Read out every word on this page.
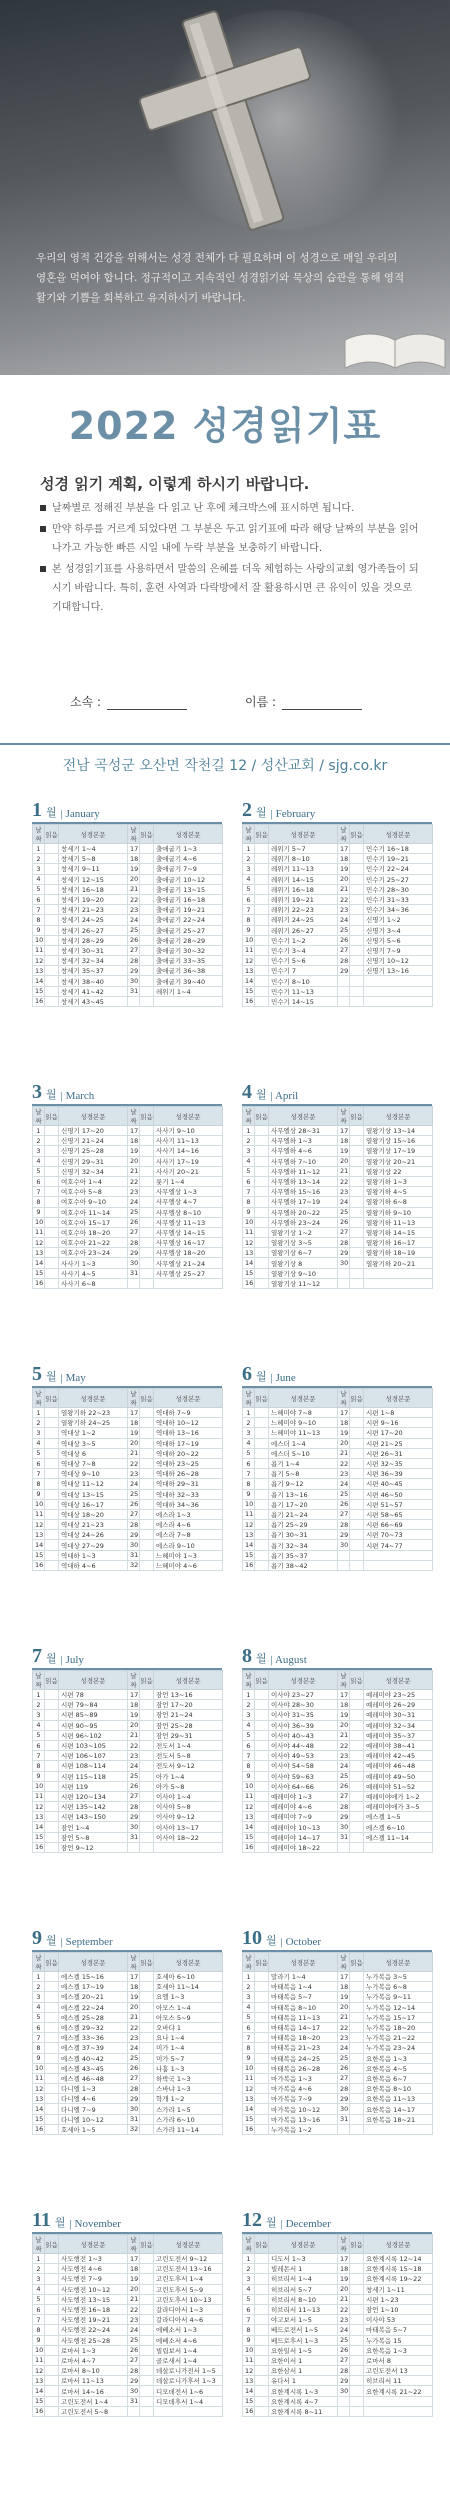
우리의 영적 건강을 위해서는 성경 전체가 다 필요하며 이 성경으로 매일 우리의 영혼을 먹여야 합니다. 정규적이고 지속적인 성경읽기와 묵상의 습관을 통해 영적 활기와 기쁨을 회복하고 유지하시기 바랍니다.

2022 성경읽기표
성경 읽기 계획, 이렇게 하시기 바랍니다.
날짜별로 정해진 부분을 다 읽고 난 후에 체크박스에 표시하면 됩니다.
만약 하루를 거르게 되었다면 그 부분은 두고 읽기표에 따라 해당 날짜의 부분을 읽어 나가고 가능한 빠른 시일 내에 누락 부분을 보충하기 바랍니다.
본 성경읽기표를 사용하면서 말씀의 은혜를 더욱 체험하는 사랑의교회 영가족들이 되시기 바랍니다. 특히, 훈련 사역과 다락방에서 잘 활용하시면 큰 유익이 있을 것으로 기대합니다.
소속 :	이름 :
전남 곡성군 오산면 작천길 12 / 성산교회 / sjg.co.kr
1 월 | January
날짜	읽음	성경본문	날짜	읽음	성경본문
1		창세기 1~4	17		출애굽기 1~3
2		창세기 5~8	18		출애굽기 4~6
3		창세기 9~11	19		출애굽기 7~9
4		창세기 12~15	20		출애굽기 10~12
5		창세기 16~18	21		출애굽기 13~15
6		창세기 19~20	22		출애굽기 16~18
7		창세기 21~23	23		출애굽기 19~21
8		창세기 24~25	24		출애굽기 22~24
9		창세기 26~27	25		출애굽기 25~27
10		창세기 28~29	26		출애굽기 28~29
11		창세기 30~31	27		출애굽기 30~32
12		창세기 32~34	28		출애굽기 33~35
13		창세기 35~37	29		출애굽기 36~38
14		창세기 38~40	30		출애굽기 39~40
15		창세기 41~42	31		레위기 1~4
16		창세기 43~45			
2 월 | February
날짜	읽음	성경본문	날짜	읽음	성경본문
1		레위기 5~7	17		민수기 16~18
2		레위기 8~10	18		민수기 19~21
3		레위기 11~13	19		민수기 22~24
4		레위기 14~15	20		민수기 25~27
5		레위기 16~18	21		민수기 28~30
6		레위기 19~21	22		민수기 31~33
7		레위기 22~23	23		민수기 34~36
8		레위기 24~25	24		신명기 1~2
9		레위기 26~27	25		신명기 3~4
10		민수기 1~2	26		신명기 5~6
11		민수기 3~4	27		신명기 7~9
12		민수기 5~6	28		신명기 10~12
13		민수기 7	29		신명기 13~16
14		민수기 8~10			
15		민수기 11~13			
16		민수기 14~15			
3 월 | March
날짜	읽음	성경본문	날짜	읽음	성경본문
1		신명기 17~20	17		사사기 9~10
2		신명기 21~24	18		사사기 11~13
3		신명기 25~28	19		사사기 14~16
4		신명기 29~31	20		사사기 17~19
5		신명기 32~34	21		사사기 20~21
6		여호수아 1~4	22		룻기 1~4
7		여호수아 5~8	23		사무엘상 1~3
8		여호수아 9~10	24		사무엘상 4~7
9		여호수아 11~14	25		사무엘상 8~10
10		여호수아 15~17	26		사무엘상 11~13
11		여호수아 18~20	27		사무엘상 14~15
12		여호수아 21~22	28		사무엘상 16~17
13		여호수아 23~24	29		사무엘상 18~20
14		사사기 1~3	30		사무엘상 21~24
15		사사기 4~5	31		사무엘상 25~27
16		사사기 6~8			
4 월 | April
날짜	읽음	성경본문	날짜	읽음	성경본문
1		사무엘상 28~31	17		열왕기상 13~14
2		사무엘하 1~3	18		열왕기상 15~16
3		사무엘하 4~6	19		열왕기상 17~19
4		사무엘하 7~10	20		열왕기상 20~21
5		사무엘하 11~12	21		열왕기상 22
6		사무엘하 13~14	22		열왕기하 1~3
7		사무엘하 15~16	23		열왕기하 4~5
8		사무엘하 17~19	24		열왕기하 6~8
9		사무엘하 20~22	25		열왕기하 9~10
10		사무엘하 23~24	26		열왕기하 11~13
11		열왕기상 1~2	27		열왕기하 14~15
12		열왕기상 3~5	28		열왕기하 16~17
13		열왕기상 6~7	29		열왕기하 18~19
14		열왕기상 8	30		열왕기하 20~21
15		열왕기상 9~10			
16		열왕기상 11~12			
5 월 | May
날짜	읽음	성경본문	날짜	읽음	성경본문
1		열왕기하 22~23	17		역대하 7~9
2		열왕기하 24~25	18		역대하 10~12
3		역대상 1~2	19		역대하 13~16
4		역대상 3~5	20		역대하 17~19
5		역대상 6	21		역대하 20~22
6		역대상 7~8	22		역대하 23~25
7		역대상 9~10	23		역대하 26~28
8		역대상 11~12	24		역대하 29~31
9		역대상 13~15	25		역대하 32~33
10		역대상 16~17	26		역대하 34~36
11		역대상 18~20	27		에스라 1~3
12		역대상 21~23	28		에스라 4~6
13		역대상 24~26	29		에스라 7~8
14		역대상 27~29	30		에스라 9~10
15		역대하 1~3	31		느헤미야 1~3
16		역대하 4~6	32		느헤미야 4~6
6 월 | June
날짜	읽음	성경본문	날짜	읽음	성경본문
1		느헤미야 7~8	17		시편 1~8
2		느헤미야 9~10	18		시편 9~16
3		느헤미야 11~13	19		시편 17~20
4		에스더 1~4	20		시편 21~25
5		에스더 5~10	21		시편 26~31
6		욥기 1~4	22		시편 32~35
7		욥기 5~8	23		시편 36~39
8		욥기 9~12	24		시편 40~45
9		욥기 13~16	25		시편 46~50
10		욥기 17~20	26		시편 51~57
11		욥기 21~24	27		시편 58~65
12		욥기 25~29	28		시편 66~69
13		욥기 30~31	29		시편 70~73
14		욥기 32~34	30		시편 74~77
15		욥기 35~37			
16		욥기 38~42			
7 월 | July
날짜	읽음	성경본문	날짜	읽음	성경본문
1		시편 78	17		잠언 13~16
2		시편 79~84	18		잠언 17~20
3		시편 85~89	19		잠언 21~24
4		시편 90~95	20		잠언 25~28
5		시편 96~102	21		잠언 29~31
6		시편 103~105	22		전도서 1~4
7		시편 106~107	23		전도서 5~8
8		시편 108~114	24		전도서 9~12
9		시편 115~118	25		아가 1~4
10		시편 119	26		아가 5~8
11		시편 120~134	27		이사야 1~4
12		시편 135~142	28		이사야 5~8
13		시편 143~150	29		이사야 9~12
14		잠언 1~4	30		이사야 13~17
15		잠언 5~8	31		이사야 18~22
16		잠언 9~12			
8 월 | August
날짜	읽음	성경본문	날짜	읽음	성경본문
1		이사야 23~27	17		예레미야 23~25
2		이사야 28~30	18		예레미야 26~29
3		이사야 31~35	19		예레미야 30~31
4		이사야 36~39	20		예레미야 32~34
5		이사야 40~43	21		예레미야 35~37
6		이사야 44~48	22		예레미야 38~41
7		이사야 49~53	23		예레미야 42~45
8		이사야 54~58	24		예레미야 46~48
9		이사야 59~63	25		예레미야 49~50
10		이사야 64~66	26		예레미야 51~52
11		예레미야 1~3	27		예레미야애가 1~2
12		예레미야 4~6	28		예레미야애가 3~5
13		예레미야 7~9	29		에스겔 1~5
14		예레미야 10~13	30		에스겔 6~10
15		예레미야 14~17	31		에스겔 11~14
16		예레미야 18~22			
9 월 | September
날짜	읽음	성경본문	날짜	읽음	성경본문
1		에스겔 15~16	17		호세아 6~10
2		에스겔 17~19	18		호세아 11~14
3		에스겔 20~21	19		요엘 1~3
4		에스겔 22~24	20		아모스 1~4
5		에스겔 25~28	21		아모스 5~9
6		에스겔 29~32	22		오바댜 1
7		에스겔 33~36	23		요나 1~4
8		에스겔 37~39	24		미가 1~4
9		에스겔 40~42	25		미가 5~7
10		에스겔 43~45	26		나훔 1~3
11		에스겔 46~48	27		하박국 1~3
12		다니엘 1~3	28		스바냐 1~3
13		다니엘 4~6	29		학개 1~2
14		다니엘 7~9	30		스가랴 1~5
15		다니엘 10~12	31		스가랴 6~10
16		호세아 1~5	32		스가랴 11~14
10 월 | October
날짜	읽음	성경본문	날짜	읽음	성경본문
1		말라기 1~4	17		누가복음 3~5
2		마태복음 1~4	18		누가복음 6~8
3		마태복음 5~7	19		누가복음 9~11
4		마태복음 8~10	20		누가복음 12~14
5		마태복음 11~13	21		누가복음 15~17
6		마태복음 14~17	22		누가복음 18~20
7		마태복음 18~20	23		누가복음 21~22
8		마태복음 21~23	24		누가복음 23~24
9		마태복음 24~25	25		요한복음 1~3
10		마태복음 26~28	26		요한복음 4~5
11		마가복음 1~3	27		요한복음 6~7
12		마가복음 4~6	28		요한복음 8~10
13		마가복음 7~9	29		요한복음 11~13
14		마가복음 10~12	30		요한복음 14~17
15		마가복음 13~16	31		요한복음 18~21
16		누가복음 1~2			
11 월 | November
날짜	읽음	성경본문	날짜	읽음	성경본문
1		사도행전 1~3	17		고린도전서 9~12
2		사도행전 4~6	18		고린도전서 13~16
3		사도행전 7~9	19		고린도후서 1~4
4		사도행전 10~12	20		고린도후서 5~9
5		사도행전 13~15	21		고린도후서 10~13
6		사도행전 16~18	22		갈라디아서 1~3
7		사도행전 19~21	23		갈라디아서 4~6
8		사도행전 22~24	24		에베소서 1~3
9		사도행전 25~28	25		에베소서 4~6
10		로마서 1~3	26		빌립보서 1~4
11		로마서 4~7	27		골로새서 1~4
12		로마서 8~10	28		데살로니가전서 1~5
13		로마서 11~13	29		데살로니가후서 1~3
14		로마서 14~16	30		디모데전서 1~6
15		고린도전서 1~4	31		디모데후서 1~4
16		고린도전서 5~8			
12 월 | December
날짜	읽음	성경본문	날짜	읽음	성경본문
1		디도서 1~3	17		요한계시록 12~14
2		빌레몬서 1	18		요한계시록 15~18
3		히브리서 1~4	19		요한계시록 19~22
4		히브리서 5~7	20		창세기 1~11
5		히브리서 8~10	21		시편 1~23
6		히브리서 11~13	22		잠언 1~10
7		야고보서 1~5	23		이사야 53
8		베드로전서 1~5	24		마태복음 5~7
9		베드로후서 1~3	25		누가복음 15
10		요한일서 1~5	26		요한복음 1~3
11		요한이서 1	27		로마서 8
12		요한삼서 1	28		고린도전서 13
13		유다서 1	29		히브리서 11
14		요한계시록 1~3	30		요한계시록 21~22
15		요한계시록 4~7			
16		요한계시록 8~11			
